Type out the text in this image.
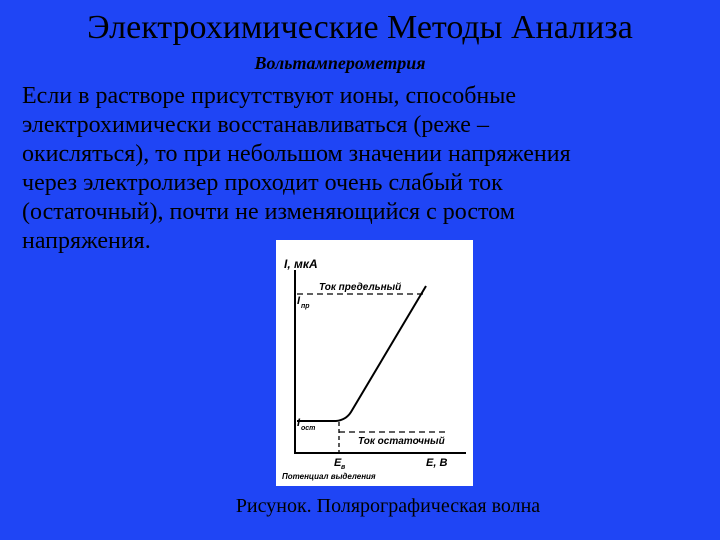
Электрохимические Методы Анализа
Вольтамперометрия

Если в растворе присутствуют ионы, способные
электрохимически восстанавливаться (реже –
окисляться), то при небольшом значении напряжения
через электролизер проходит очень слабый ток
(остаточный), почти не изменяющийся с ростом
напряжения.

I, мкА
Ток предельный
I пр
Ток остаточный
I ост
E в	E, B
Потенциал выделения
Рисунок. Полярографическая волна
